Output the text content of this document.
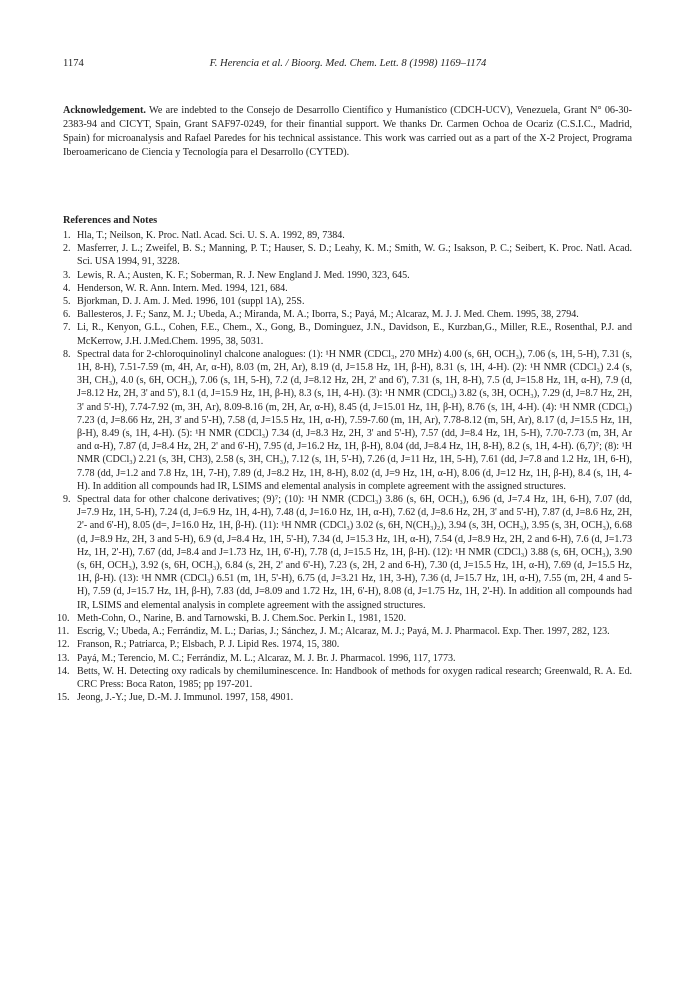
1174	F. Herencia et al. / Bioorg. Med. Chem. Lett. 8 (1998) 1169–1174

Acknowledgement. We are indebted to the Consejo de Desarrollo Científico y Humanístico (CDCH-UCV), Venezuela, Grant N° 06-30-2383-94 and CICYT, Spain, Grant SAF97-0249, for their finantial support. We thanks Dr. Carmen Ochoa de Ocariz (C.S.I.C., Madrid, Spain) for microanalysis and Rafael Paredes for his technical assistance. This work was carried out as a part of the X-2 Project, Programa Iberoamericano de Ciencia y Tecnología para el Desarrollo (CYTED).

References and Notes
1. Hla, T.; Neilson, K. Proc. Natl. Acad. Sci. U. S. A. 1992, 89, 7384.
2. Masferrer, J. L.; Zweifel, B. S.; Manning, P. T.; Hauser, S. D.; Leahy, K. M.; Smith, W. G.; Isakson, P. C.; Seibert, K. Proc. Natl. Acad. Sci. USA 1994, 91, 3228.
3. Lewis, R. A.; Austen, K. F.; Soberman, R. J. New England J. Med. 1990, 323, 645.
4. Henderson, W. R. Ann. Intern. Med. 1994, 121, 684.
5. Bjorkman, D. J. Am. J. Med. 1996, 101 (suppl 1A), 25S.
6. Ballesteros, J. F.; Sanz, M. J.; Ubeda, A.; Miranda, M. A.; Iborra, S.; Payá, M.; Alcaraz, M. J. J. Med. Chem. 1995, 38, 2794.
7. Li, R., Kenyon, G.L., Cohen, F.E., Chem., X., Gong, B., Dominguez, J.N., Davidson, E., Kurzban,G., Miller, R.E., Rosenthal, P.J. and McKerrow, J.H. J.Med.Chem. 1995, 38, 5031.
8. Spectral data for 2-chloroquinolinyl chalcone analogues: (1): ¹H NMR (CDCl₃, 270 MHz) 4.00 (s, 6H, OCH₃), 7.06 (s, 1H, 5-H), 7.31 (s, 1H, 8-H), 7.51-7.59 (m, 4H, Ar, α-H), 8.03 (m, 2H, Ar), 8.19 (d, J=15.8 Hz, 1H, β-H), 8.31 (s, 1H, 4-H). (2): ¹H NMR (CDCl₃) 2.4 (s, 3H, CH₃), 4.0 (s, 6H, OCH₃), 7.06 (s, 1H, 5-H), 7.2 (d, J=8.12 Hz, 2H, 2' and 6'), 7.31 (s, 1H, 8-H), 7.5 (d, J=15.8 Hz, 1H, α-H), 7.9 (d, J=8.12 Hz, 2H, 3' and 5'), 8.1 (d, J=15.9 Hz, 1H, β-H), 8.3 (s, 1H, 4-H). (3): ¹H NMR (CDCl₃) 3.82 (s, 3H, OCH₃), 7.29 (d, J=8.7 Hz, 2H, 3' and 5'-H), 7.74-7.92 (m, 3H, Ar), 8.09-8.16 (m, 2H, Ar, α-H), 8.45 (d, J=15.01 Hz, 1H, β-H), 8.76 (s, 1H, 4-H). (4): ¹H NMR (CDCl₃) 7.23 (d, J=8.66 Hz, 2H, 3' and 5'-H), 7.58 (d, J=15.5 Hz, 1H, α-H), 7.59-7.60 (m, 1H, Ar), 7.78-8.12 (m, 5H, Ar), 8.17 (d, J=15.5 Hz, 1H, β-H), 8.49 (s, 1H, 4-H). (5): ¹H NMR (CDCl₃) 7.34 (d, J=8.3 Hz, 2H, 3' and 5'-H), 7.57 (dd, J=8.4 Hz, 1H, 5-H), 7.70-7.73 (m, 3H, Ar and α-H), 7.87 (d, J=8.4 Hz, 2H, 2' and 6'-H), 7.95 (d, J=16.2 Hz, 1H, β-H), 8.04 (dd, J=8.4 Hz, 1H, 8-H), 8.2 (s, 1H, 4-H). (6,7)⁷; (8): ¹H NMR (CDCl₃) 2.21 (s, 3H, CH3), 2.58 (s, 3H, CH₃), 7.12 (s, 1H, 5'-H), 7.26 (d, J=11 Hz, 1H, 5-H), 7.61 (dd, J=7.8 and 1.2 Hz, 1H, 6-H), 7.78 (dd, J=1.2 and 7.8 Hz, 1H, 7-H), 7.89 (d, J=8.2 Hz, 1H, 8-H), 8.02 (d, J=9 Hz, 1H, α-H), 8.06 (d, J=12 Hz, 1H, β-H), 8.4 (s, 1H, 4-H). In addition all compounds had IR, LSIMS and elemental analysis in complete agreement with the assigned structures.
9. Spectral data for other chalcone derivatives; (9)⁷; (10): ¹H NMR (CDCl₃) 3.86 (s, 6H, OCH₃), 6.96 (d, J=7.4 Hz, 1H, 6-H), 7.07 (dd, J=7.9 Hz, 1H, 5-H), 7.24 (d, J=6.9 Hz, 1H, 4-H), 7.48 (d, J=16.0 Hz, 1H, α-H), 7.62 (d, J=8.6 Hz, 2H, 3' and 5'-H), 7.87 (d, J=8.6 Hz, 2H, 2'- and 6'-H), 8.05 (d=, J=16.0 Hz, 1H, β-H). (11): ¹H NMR (CDCl₃) 3.02 (s, 6H, N(CH₃)₂), 3.94 (s, 3H, OCH₃), 3.95 (s, 3H, OCH₃), 6.68 (d, J=8.9 Hz, 2H, 3 and 5-H), 6.9 (d, J=8.4 Hz, 1H, 5'-H), 7.34 (d, J=15.3 Hz, 1H, α-H), 7.54 (d, J=8.9 Hz, 2H, 2 and 6-H), 7.6 (d, J=1.73 Hz, 1H, 2'-H), 7.67 (dd, J=8.4 and J=1.73 Hz, 1H, 6'-H), 7.78 (d, J=15.5 Hz, 1H, β-H). (12): ¹H NMR (CDCl₃) 3.88 (s, 6H, OCH₃), 3.90 (s, 6H, OCH₃), 3.92 (s, 6H, OCH₃), 6.84 (s, 2H, 2' and 6'-H), 7.23 (s, 2H, 2 and 6-H), 7.30 (d, J=15.5 Hz, 1H, α-H), 7.69 (d, J=15.5 Hz, 1H, β-H). (13): ¹H NMR (CDCl₃) 6.51 (m, 1H, 5'-H), 6.75 (d, J=3.21 Hz, 1H, 3-H), 7.36 (d, J=15.7 Hz, 1H, α-H), 7.55 (m, 2H, 4 and 5-H), 7.59 (d, J=15.7 Hz, 1H, β-H), 7.83 (dd, J=8.09 and 1.72 Hz, 1H, 6'-H), 8.08 (d, J=1.75 Hz, 1H, 2'-H). In addition all compounds had IR, LSIMS and elemental analysis in complete agreement with the assigned structures.
10. Meth-Cohn, O., Narine, B. and Tarnowski, B. J. Chem.Soc. Perkin I., 1981, 1520.
11. Escrig, V.; Ubeda, A.; Ferrándiz, M. L.; Darias, J.; Sánchez, J. M.; Alcaraz, M. J.; Payá, M. J. Pharmacol. Exp. Ther. 1997, 282, 123.
12. Franson, R.; Patriarca, P.; Elsbach, P. J. Lipid Res. 1974, 15, 380.
13. Payá, M.; Terencio, M. C.; Ferrándiz, M. L.; Alcaraz, M. J. Br. J. Pharmacol. 1996, 117, 1773.
14. Betts, W. H. Detecting oxy radicals by chemiluminescence. In: Handbook of methods for oxygen radical research; Greenwald, R. A. Ed. CRC Press: Boca Raton, 1985; pp 197-201.
15. Jeong, J.-Y.; Jue, D.-M. J. Immunol. 1997, 158, 4901.
